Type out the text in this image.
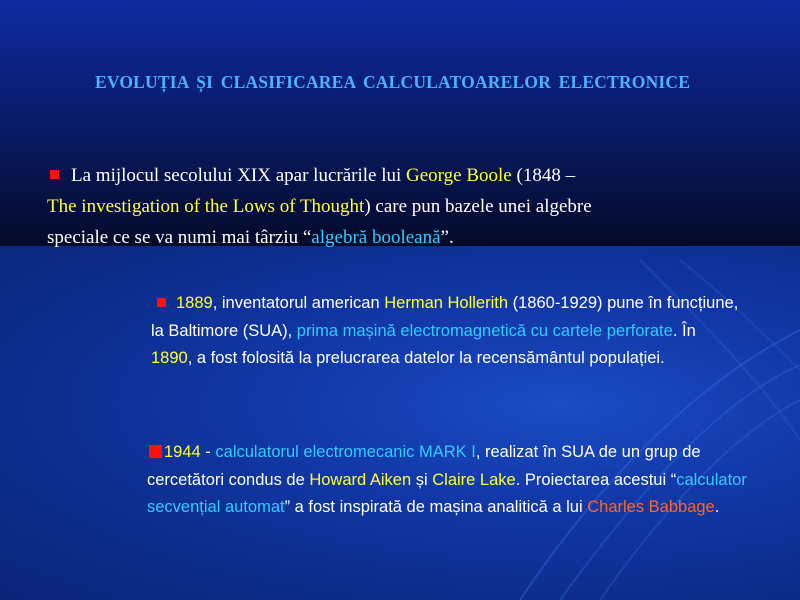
EVOLUȚIA ȘI CLASIFICAREA CALCULATOARELOR ELECTRONICE

La mijlocul secolului XIX apar lucrările lui George Boole (1848 –
The investigation of the Lows of Thought) care pun bazele unei algebre
speciale ce se va numi mai târziu “algebră booleană”.

1889, inventatorul american Herman Hollerith (1860-1929) pune în funcțiune, la Baltimore (SUA), prima mașină electromagnetică cu cartele perforate. În 1890, a fost folosită la prelucrarea datelor la recensământul populației.

1944 - calculatorul electromecanic MARK I, realizat în SUA de un grup de cercetători condus de Howard Aiken și Claire Lake. Proiectarea acestui “calculator secvențial automat” a fost inspirată de mașina analitică a lui Charles Babbage.
